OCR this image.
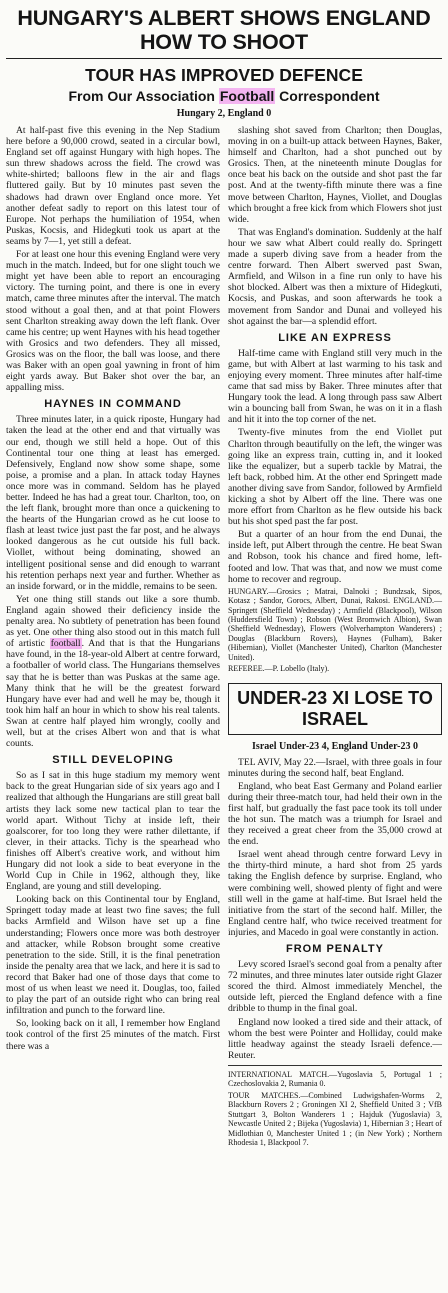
HUNGARY'S ALBERT SHOWS ENGLAND HOW TO SHOOT
TOUR HAS IMPROVED DEFENCE
From Our Association Football Correspondent
Hungary 2, England 0

At half-past five this evening in the Nep Stadium here before a 90,000 crowd, seated in a circular bowl, England set off against Hungary with high hopes. The sun threw shadows across the field. The crowd was white-shirted; balloons flew in the air and flags fluttered gaily. But by 10 minutes past seven the shadows had drawn over England once more. Yet another defeat sadly to report on this latest tour of Europe. Not perhaps the humiliation of 1954, when Puskas, Kocsis, and Hidegkuti took us apart at the seams by 7—1, yet still a defeat.

For at least one hour this evening England were very much in the match. Indeed, but for one slight touch we might yet have been able to report an encouraging victory. The turning point, and there is one in every match, came three minutes after the interval. The match stood without a goal then, and at that point Flowers sent Charlton streaking away down the left flank. Over came his centre; up went Haynes with his head together with Grosics and two defenders. They all missed, Grosics was on the floor, the ball was loose, and there was Baker with an open goal yawning in front of him eight yards away. But Baker shot over the bar, an appalling miss.

HAYNES IN COMMAND

Three minutes later, in a quick riposte, Hungary had taken the lead at the other end and that virtually was our end, though we still held a hope. Out of this Continental tour one thing at least has emerged. Defensively, England now show some shape, some poise, a promise and a plan. In attack today Haynes once more was in command. Seldom has he played better. Indeed he has had a great tour. Charlton, too, on the left flank, brought more than once a quickening to the hearts of the Hungarian crowd as he cut loose to flash at least twice just past the far post, and he always looked dangerous as he cut outside his full back. Viollet, without being dominating, showed an intelligent positional sense and did enough to warrant his retention perhaps next year and further. Whether as an inside forward, or in the middle, remains to be seen.

Yet one thing still stands out like a sore thumb. England again showed their deficiency inside the penalty area. No subtlety of penetration has been found as yet. One other thing also stood out in this match full of artistic football. And that is that the Hungarians have found, in the 18-year-old Albert at centre forward, a footballer of world class. The Hungarians themselves say that he is better than was Puskas at the same age. Many think that he will be the greatest forward Hungary have ever had and well he may be, though it took him half an hour in which to show his real talents. Swan at centre half played him wrongly, coolly and well, but at the crises Albert won and that is what counts.

STILL DEVELOPING

So as I sat in this huge stadium my memory went back to the great Hungarian side of six years ago and I realized that although the Hungarians are still great ball artists they lack some new tactical plan to tear the world apart. Without Tichy at inside left, their goalscorer, for too long they were rather dilettante, if clever, in their attacks. Tichy is the spearhead who finishes off Albert's creative work, and without him Hungary did not look a side to beat everyone in the World Cup in Chile in 1962, although they, like England, are young and still developing.

Looking back on this Continental tour by England, Springett today made at least two fine saves; the full backs Armfield and Wilson have set up a fine understanding; Flowers once more was both destroyer and attacker, while Robson brought some creative penetration to the side. Still, it is the final penetration inside the penalty area that we lack, and here it is sad to record that Baker had one of those days that come to most of us when least we need it. Douglas, too, failed to play the part of an outside right who can bring real infiltration and punch to the forward line.

So, looking back on it all, I remember how England took control of the first 25 minutes of the match. First there was a

slashing shot saved from Charlton; then Douglas, moving in on a built-up attack between Haynes, Baker, himself and Charlton, had a shot punched out by Grosics. Then, at the nineteenth minute Douglas for once beat his back on the outside and shot past the far post. And at the twenty-fifth minute there was a fine move between Charlton, Haynes, Viollet, and Douglas which brought a free kick from which Flowers shot just wide.

That was England's domination. Suddenly at the half hour we saw what Albert could really do. Springett made a superb diving save from a header from the centre forward. Then Albert swerved past Swan, Armfield, and Wilson in a fine run only to have his shot blocked. Albert was then a mixture of Hidegkuti, Kocsis, and Puskas, and soon afterwards he took a movement from Sandor and Dunai and volleyed his shot against the bar—a splendid effort.

LIKE AN EXPRESS

Half-time came with England still very much in the game, but with Albert at last warming to his task and enjoying every moment. Three minutes after half-time came that sad miss by Baker. Three minutes after that Hungary took the lead. A long through pass saw Albert win a bouncing ball from Swan, he was on it in a flash and hit it into the top corner of the net.

Twenty-five minutes from the end Viollet put Charlton through beautifully on the left, the winger was going like an express train, cutting in, and it looked like the equalizer, but a superb tackle by Matrai, the left back, robbed him. At the other end Springett made another diving save from Sandor, followed by Armfield kicking a shot by Albert off the line. There was one more effort from Charlton as he flew outside his back but his shot sped past the far post.

But a quarter of an hour from the end Dunai, the inside left, put Albert through the centre. He beat Swan and Robson, took his chance and fired home, left-footed and low. That was that, and now we must come home to recover and regroup.

HUNGARY.—Grosics ; Matrai, Dalnoki ; Bundzsak, Sipos, Kotasz ; Sandor, Gorocs, Albert, Dunai, Rakosi. ENGLAND.—Springett (Sheffield Wednesday) ; Armfield (Blackpool), Wilson (Huddersfield Town) ; Robson (West Bromwich Albion), Swan (Sheffield Wednesday), Flowers (Wolverhampton Wanderers) ; Douglas (Blackburn Rovers), Haynes (Fulham), Baker (Hibernian), Viollet (Manchester United), Charlton (Manchester United).
REFEREE.—P. Lobello (Italy).
UNDER-23 XI LOSE TO ISRAEL
Israel Under-23 4, England Under-23 0

TEL AVIV, May 22.—Israel, with three goals in four minutes during the second half, beat England.

England, who beat East Germany and Poland earlier during their three-match tour, had held their own in the first half, but gradually the fast pace took its toll under the hot sun. The match was a triumph for Israel and they received a great cheer from the 35,000 crowd at the end.

Israel went ahead through centre forward Levy in the thirty-third minute, a hard shot from 25 yards taking the English defence by surprise. England, who were combining well, showed plenty of fight and were still well in the game at half-time. But Israel held the initiative from the start of the second half. Miller, the England centre half, who twice received treatment for injuries, and Macedo in goal were constantly in action.

FROM PENALTY

Levy scored Israel's second goal from a penalty after 72 minutes, and three minutes later outside right Glazer scored the third. Almost immediately Menchel, the outside left, pierced the England defence with a fine dribble to thump in the final goal.

England now looked a tired side and their attack, of whom the best were Pointer and Holliday, could make little headway against the steady Israeli defence.—Reuter.

INTERNATIONAL MATCH.—Yugoslavia 5, Portugal 1 ; Czechoslovakia 2, Rumania 0.
TOUR MATCHES.—Combined Ludwigshafen-Worms 2, Blackburn Rovers 2 ; Groningen XI 2, Sheffield United 3 ; VfB Stuttgart 3, Bolton Wanderers 1 ; Hajduk (Yugoslavia) 3, Newcastle United 2 ; Bijeka (Yugoslavia) 1, Hibernian 3 ; Heart of Midlothian 0, Manchester United 1 ; (in New York) ; Northern Rhodesia 1, Blackpool 7.
